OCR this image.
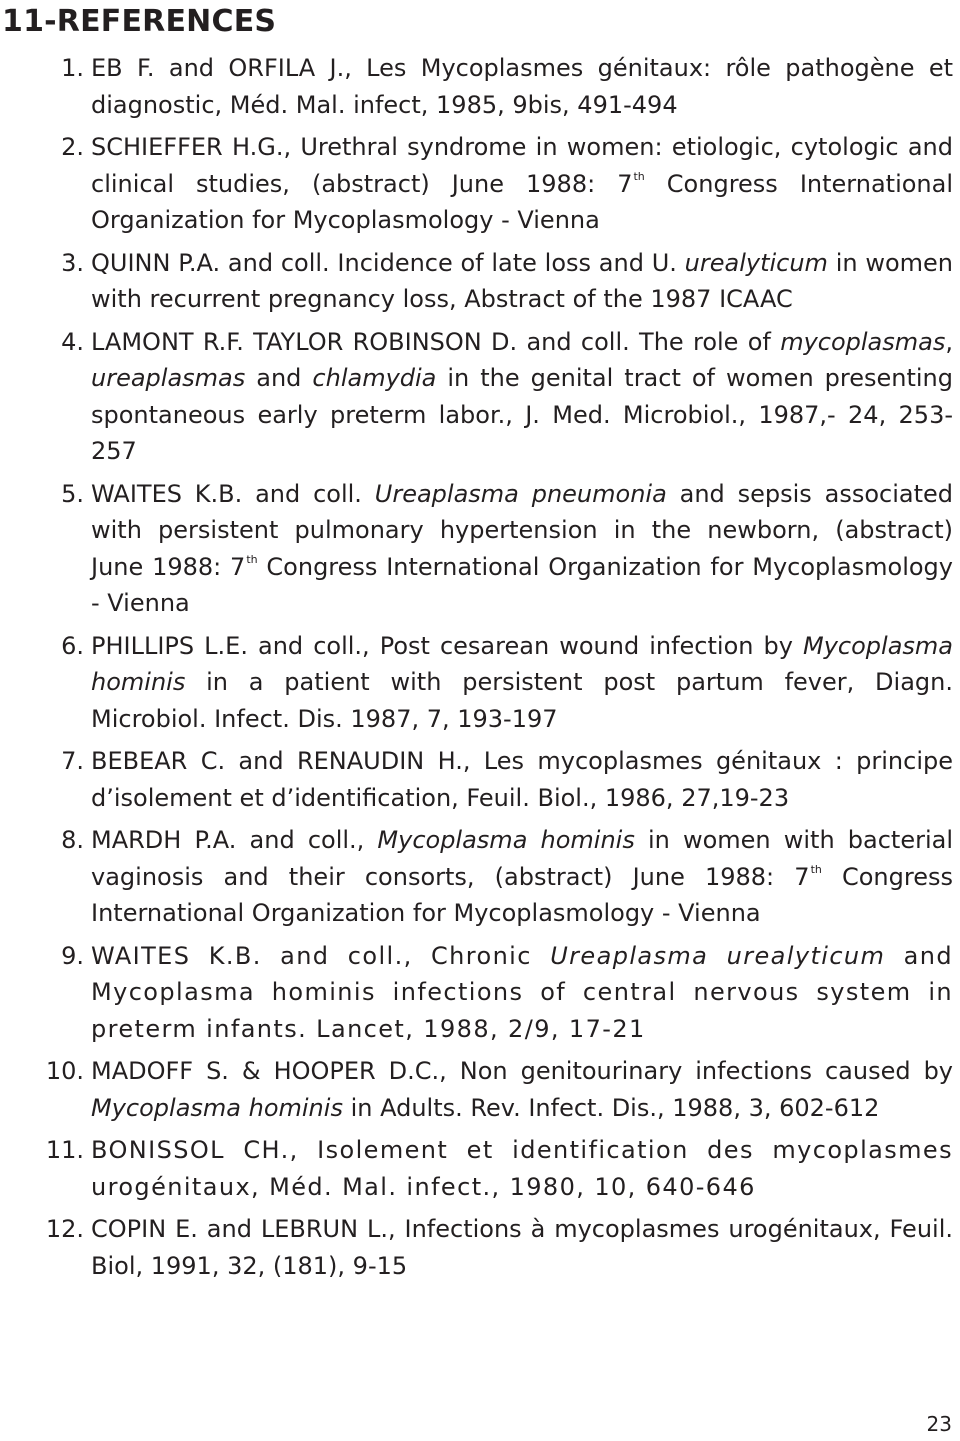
11-REFERENCES
1. EB F. and ORFILA J., Les Mycoplasmes génitaux: rôle pathogène et diagnostic, Méd. Mal. infect, 1985, 9bis, 491-494
2. SCHIEFFER H.G., Urethral syndrome in women: etiologic, cytologic and clinical studies, (abstract) June 1988: 7th Congress International Organization for Mycoplasmology - Vienna
3. QUINN P.A. and coll. Incidence of late loss and U. urealyticum in women with recurrent pregnancy loss, Abstract of the 1987 ICAAC
4. LAMONT R.F. TAYLOR ROBINSON D. and coll. The role of mycoplasmas, ureaplasmas and chlamydia in the genital tract of women presenting spontaneous early preterm labor., J. Med. Microbiol., 1987,- 24, 253-257
5. WAITES K.B. and coll. Ureaplasma pneumonia and sepsis associated with persistent pulmonary hypertension in the newborn, (abstract) June 1988: 7th Congress International Organization for Mycoplasmology - Vienna
6. PHILLIPS L.E. and coll., Post cesarean wound infection by Mycoplasma hominis in a patient with persistent post partum fever, Diagn. Microbiol. Infect. Dis. 1987, 7, 193-197
7. BEBEAR C. and RENAUDIN H., Les mycoplasmes génitaux : principe d’isolement et d’identification, Feuil. Biol., 1986, 27,19-23
8. MARDH P.A. and coll., Mycoplasma hominis in women with bacterial vaginosis and their consorts, (abstract) June 1988: 7th Congress International Organization for Mycoplasmology - Vienna
9. WAITES K.B. and coll., Chronic Ureaplasma urealyticum and Mycoplasma hominis infections of central nervous system in preterm infants. Lancet, 1988, 2/9, 17-21
10. MADOFF S. & HOOPER D.C., Non genitourinary infections caused by Mycoplasma hominis in Adults. Rev. Infect. Dis., 1988, 3, 602-612
11. BONISSOL CH., Isolement et identification des mycoplasmes urogénitaux, Méd. Mal. infect., 1980, 10, 640-646
12. COPIN E. and LEBRUN L., Infections à mycoplasmes urogénitaux, Feuil. Biol, 1991, 32, (181), 9-15
23
